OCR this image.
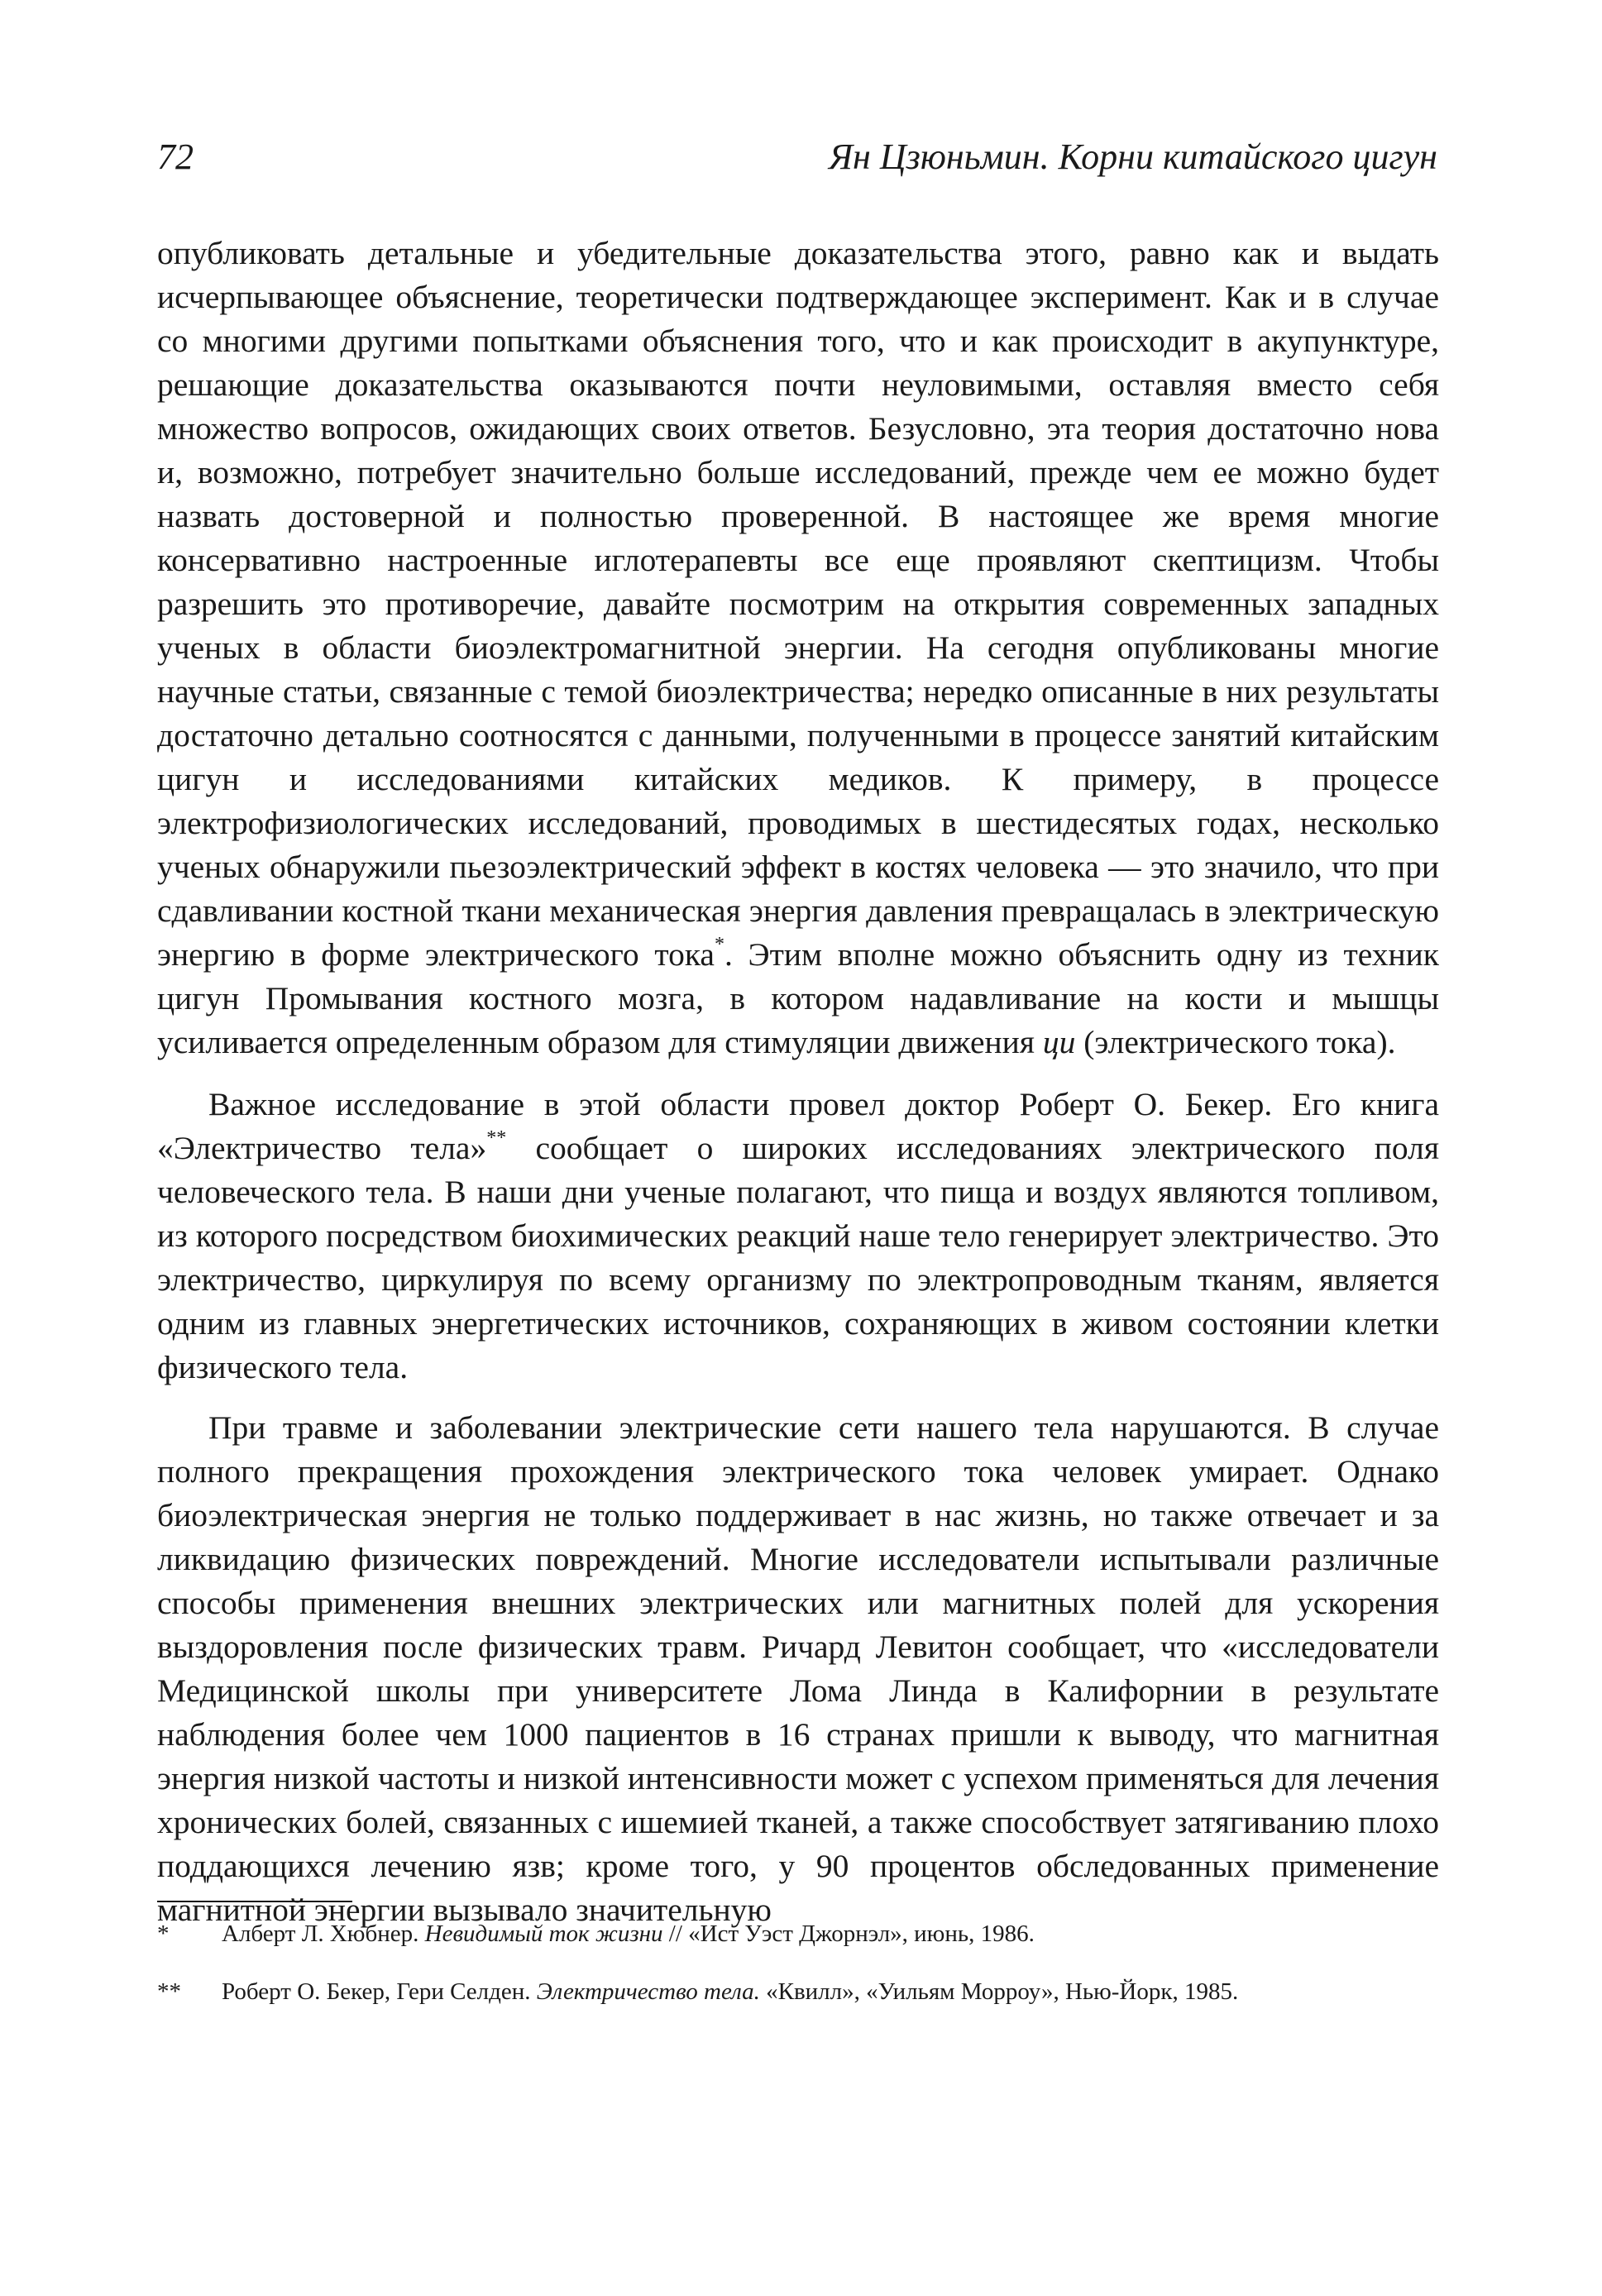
72	Ян Цзюньмин. Корни китайского цигун

опубликовать детальные и убедительные доказательства этого, равно как и выдать исчерпывающее объяснение, теоретически подтверждающее эксперимент. Как и в случае со многими другими попытками объяснения того, что и как происходит в акупунктуре, решающие доказательства оказываются почти неуловимыми, оставляя вместо себя множество вопросов, ожидающих своих ответов. Безусловно, эта теория достаточно нова и, возможно, потребует значительно больше исследований, прежде чем ее можно будет назвать достоверной и полностью проверенной. В настоящее же время многие консервативно настроенные иглотерапевты все еще проявляют скептицизм. Чтобы разрешить это противоречие, давайте посмотрим на открытия современных западных ученых в области биоэлектромагнитной энергии. На сегодня опубликованы многие научные статьи, связанные с темой биоэлектричества; нередко описанные в них результаты достаточно детально соотносятся с данными, полученными в процессе занятий китайским цигун и исследованиями китайских медиков. К примеру, в процессе электрофизиологических исследований, проводимых в шестидесятых годах, несколько ученых обнаружили пьезоэлектрический эффект в костях человека — это значило, что при сдавливании костной ткани механическая энергия давления превращалась в электрическую энергию в форме электрического тока*. Этим вполне можно объяснить одну из техник цигун Промывания костного мозга, в котором надавливание на кости и мышцы усиливается определенным образом для стимуляции движения ци (электрического тока).

Важное исследование в этой области провел доктор Роберт О. Бекер. Его книга «Электричество тела»** сообщает о широких исследованиях электрического поля человеческого тела. В наши дни ученые полагают, что пища и воздух являются топливом, из которого посредством биохимических реакций наше тело генерирует электричество. Это электричество, циркулируя по всему организму по электропроводным тканям, является одним из главных энергетических источников, сохраняющих в живом состоянии клетки физического тела.

При травме и заболевании электрические сети нашего тела нарушаются. В случае полного прекращения прохождения электрического тока человек умирает. Однако биоэлектрическая энергия не только поддерживает в нас жизнь, но также отвечает и за ликвидацию физических повреждений. Многие исследователи испытывали различные способы применения внешних электрических или магнитных полей для ускорения выздоровления после физических травм. Ричард Левитон сообщает, что «исследователи Медицинской школы при университете Лома Линда в Калифорнии в результате наблюдения более чем 1000 пациентов в 16 странах пришли к выводу, что магнитная энергия низкой частоты и низкой интенсивности может с успехом применяться для лечения хронических болей, связанных с ишемией тканей, а также способствует затягиванию плохо поддающихся лечению язв; кроме того, у 90 процентов обследованных применение магнитной энергии вызывало значительную

* Алберт Л. Хюбнер. Невидимый ток жизни // «Ист Уэст Джорнэл», июнь, 1986.
** Роберт О. Бекер, Гери Селден. Электричество тела. «Квилл», «Уильям Морроу», Нью-Йорк, 1985.
